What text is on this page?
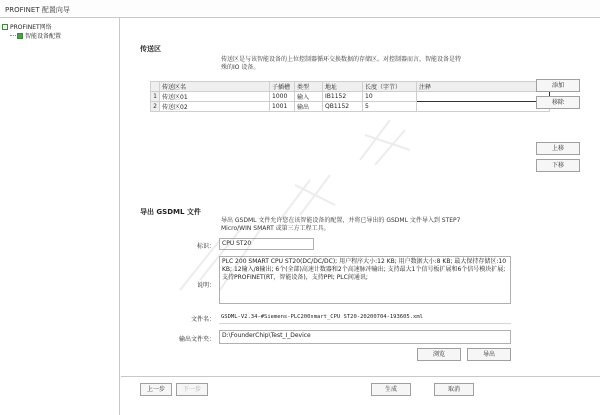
PROFINET 配置向导
PROFINET网络
智能设备配置
传送区
传送区是与该智能设备的上位控制器循环交换数据的存储区。对控制器而言，智能设备是特殊的IO 设备。
	传送区名	子插槽	类型	地址	长度（字节）	注释
1	传送区01	1000	输入	IB1152	10	
2	传送区02	1001	输出	QB1152	5	
添加
移除
上移
下移
导出 GSDML 文件
导出 GSDML 文件允许您在该智能设备的配置，并将已导出的 GSDML 文件导入到 STEP7 Micro/WIN SMART 或第三方工程工具。
标识：	CPU ST20
说明：
PLC 200 SMART CPU ST20(DC/DC/DC); 用户程序大小:12 KB; 用户数据大小:8 KB; 最大保持存储区:10 KB; 12输入/8输出; 6个(全部)高速计数器和2个高速脉冲输出; 支持最大1个信号板扩展和6个信号模块扩展; 支持PROFINET(RT，智能设备)，支持PPI; PLC间通讯;
文件名： GSDML-V2.34-#Siemens-PLC200smart_CPU ST20-20200704-193605.xml
输出文件夹：
D:\FounderChip\Test_I_Device
浏览	导出
上一步	下一步	生成	取消
